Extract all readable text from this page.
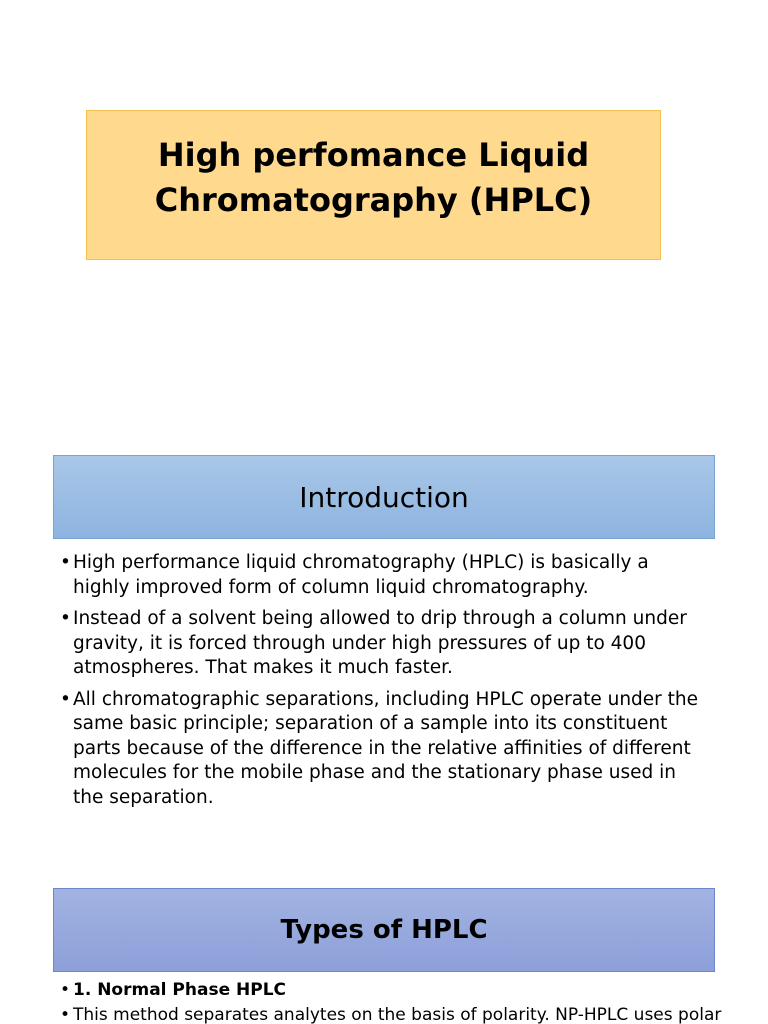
High perfomance Liquid
Chromatography (HPLC)
Introduction
• High performance liquid chromatography (HPLC) is basically a highly improved form of column liquid chromatography.
• Instead of a solvent being allowed to drip through a column under gravity, it is forced through under high pressures of up to 400 atmospheres. That makes it much faster.
• All chromatographic separations, including HPLC operate under the same basic principle; separation of a sample into its constituent parts because of the difference in the relative affinities of different molecules for the mobile phase and the stationary phase used in the separation.
Types of HPLC
• 1. Normal Phase HPLC
• This method separates analytes on the basis of polarity. NP-HPLC uses polar
